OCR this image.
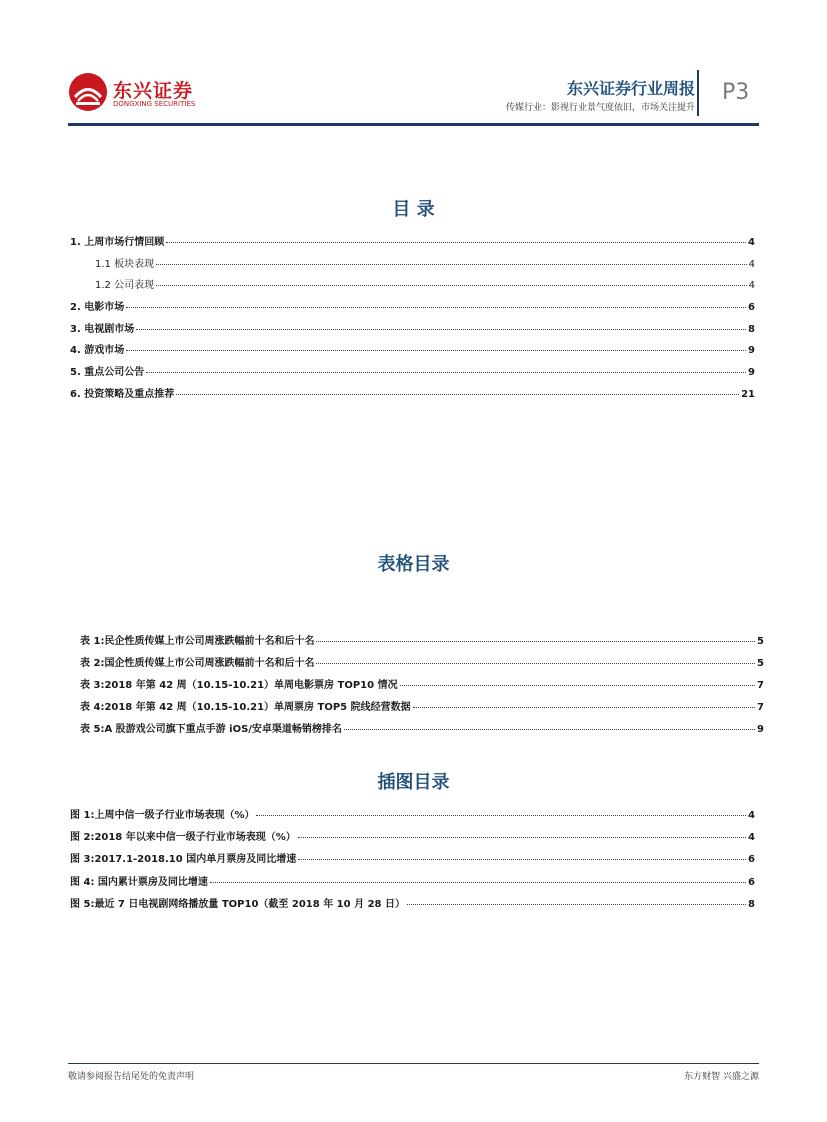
东兴证券
DONGXING SECURITIES
东兴证券行业周报
传媒行业：影视行业景气度依旧，市场关注提升
P3
目 录
1. 上周市场行情回顾	4
1.1 板块表现	4
1.2 公司表现	4
2. 电影市场	6
3. 电视剧市场	8
4. 游戏市场	9
5. 重点公司公告	9
6. 投资策略及重点推荐	21
表格目录
表 1:民企性质传媒上市公司周涨跌幅前十名和后十名	5
表 2:国企性质传媒上市公司周涨跌幅前十名和后十名	5
表 3:2018 年第 42 周（10.15-10.21）单周电影票房 TOP10 情况	7
表 4:2018 年第 42 周（10.15-10.21）单周票房 TOP5 院线经营数据	7
表 5:A 股游戏公司旗下重点手游 iOS/安卓渠道畅销榜排名	9
插图目录
图 1:上周中信一级子行业市场表现（%）	4
图 2:2018 年以来中信一级子行业市场表现（%）	4
图 3:2017.1-2018.10 国内单月票房及同比增速	6
图 4: 国内累计票房及同比增速	6
图 5:最近 7 日电视剧网络播放量 TOP10（截至 2018 年 10 月 28 日）	8
敬请参阅报告结尾处的免责声明	东方财智 兴盛之源
